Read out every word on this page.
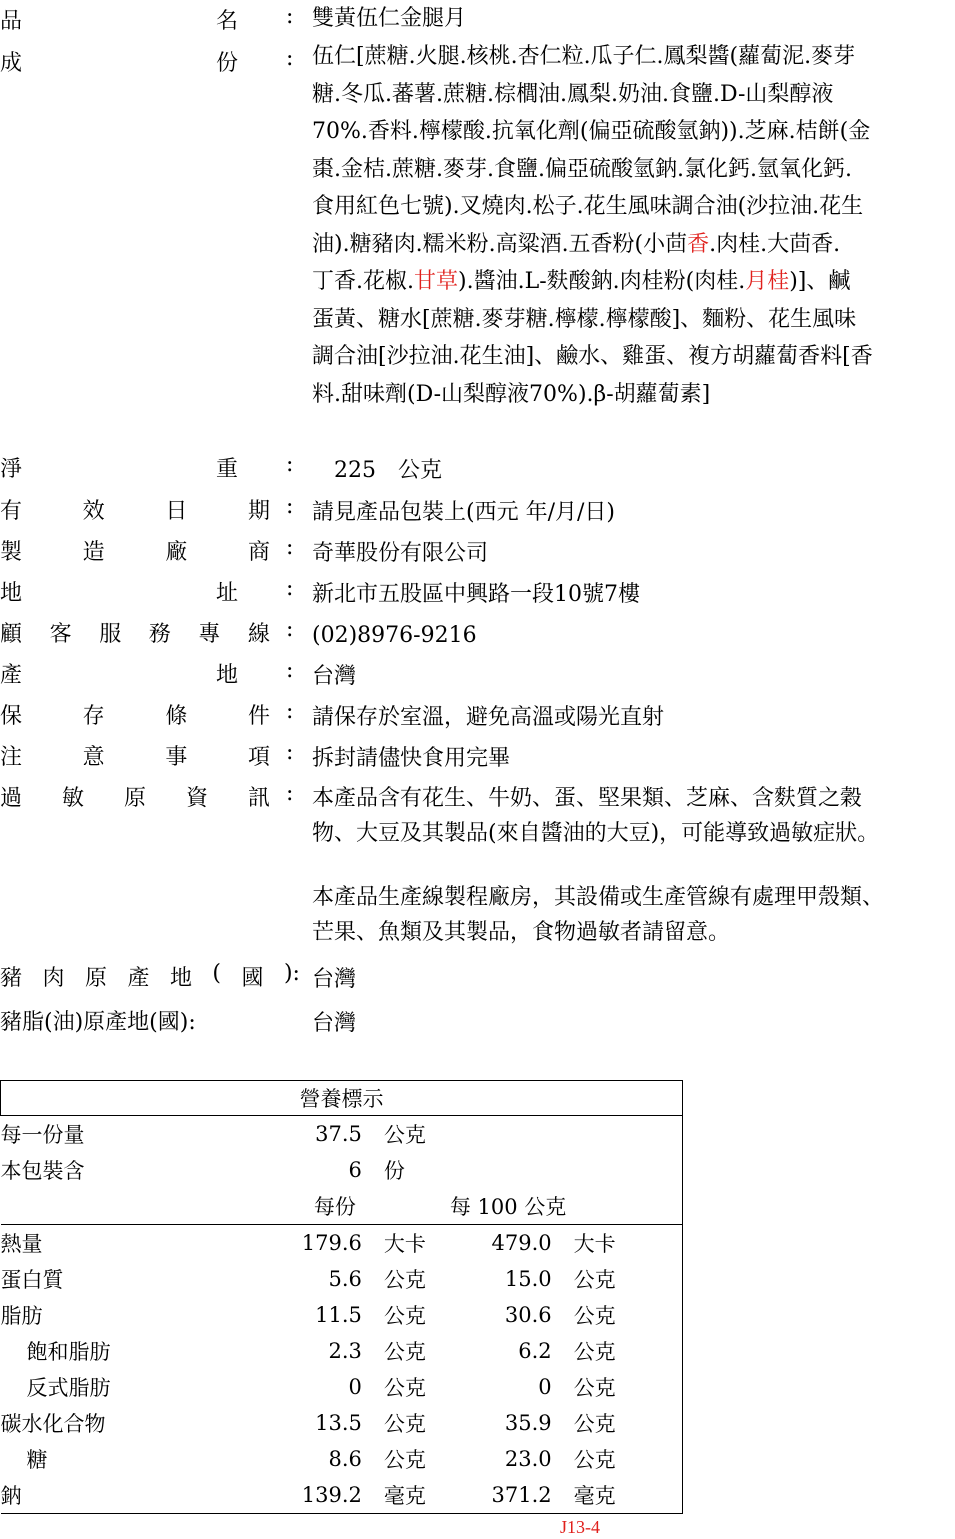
品	名 : 雙黃伍仁金腿月
成	份 : 伍仁[蔗糖.火腿.核桃.杏仁粒.瓜子仁.鳳梨醬(蘿蔔泥.麥芽
糖.冬瓜.蕃薯.蔗糖.棕櫚油.鳳梨.奶油.食鹽.D-山梨醇液
70%.香料.檸檬酸.抗氧化劑(偏亞硫酸氫鈉)).芝麻.桔餅(金
棗.金桔.蔗糖.麥芽.食鹽.偏亞硫酸氫鈉.氯化鈣.氫氧化鈣.
食用紅色七號).叉燒肉.松子.花生風味調合油(沙拉油.花生
油).糖豬肉.糯米粉.高粱酒.五香粉(小茴香.肉桂.大茴香.
丁香.花椒.甘草).醬油.L-麩酸鈉.肉桂粉(肉桂.月桂)]、鹹
蛋黃、糖水[蔗糖.麥芽糖.檸檬.檸檬酸]、麵粉、花生風味
調合油[沙拉油.花生油]、鹼水、雞蛋、複方胡蘿蔔香料[香
料.甜味劑(D-山梨醇液70%).β-胡蘿蔔素]
淨	重 : 225　公克
有	效	日	期 : 請見產品包裝上(西元 年/月/日)
製	造	廠	商 : 奇華股份有限公司
地	址 : 新北市五股區中興路一段10號7樓
顧 客 服 務 專 線 : (02)8976-9216
產	地 : 台灣
保	存	條	件 : 請保存於室溫，避免高溫或陽光直射
注	意	事	項 : 拆封請儘快食用完畢
過 敏 原 資 訊 : 本產品含有花生、牛奶、蛋、堅果類、芝麻、含麩質之穀
物、大豆及其製品(來自醬油的大豆)，可能導致過敏症狀。
本產品生產線製程廠房，其設備或生產管線有處理甲殼類、
芒果、魚類及其製品，食物過敏者請留意。
豬 肉 原 產 地 ( 國 ): 台灣
豬脂(油)原產地(國):	台灣
營養標示				
每一份量	37.5	公克		
本包裝含	6	份		
	每份	每 100 公克		
熱量	179.6	大卡	479.0	大卡
蛋白質	5.6	公克	15.0	公克
脂肪	11.5	公克	30.6	公克
飽和脂肪	2.3	公克	6.2	公克
反式脂肪	0	公克	0	公克
碳水化合物	13.5	公克	35.9	公克
糖	8.6	公克	23.0	公克
鈉	139.2	毫克	371.2	毫克
J13-4
